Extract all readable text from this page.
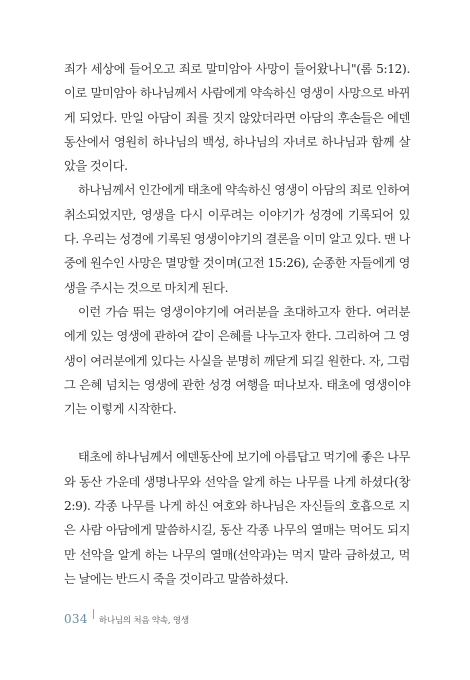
죄가 세상에 들어오고 죄로 말미암아 사망이 들어왔나니"(롬 5:12). 이로 말미암아 하나님께서 사람에게 약속하신 영생이 사망으로 바뀌게 되었다. 만일 아담이 죄를 짓지 않았더라면 아담의 후손들은 에덴동산에서 영원히 하나님의 백성, 하나님의 자녀로 하나님과 함께 살았을 것이다.

하나님께서 인간에게 태초에 약속하신 영생이 아담의 죄로 인하여 취소되었지만, 영생을 다시 이루려는 이야기가 성경에 기록되어 있다. 우리는 성경에 기록된 영생이야기의 결론을 이미 알고 있다. 맨 나중에 원수인 사망은 멸망할 것이며(고전 15:26), 순종한 자들에게 영생을 주시는 것으로 마치게 된다.

이런 가슴 뛰는 영생이야기에 여러분을 초대하고자 한다. 여러분에게 있는 영생에 관하여 같이 은혜를 나누고자 한다. 그리하여 그 영생이 여러분에게 있다는 사실을 분명히 깨닫게 되길 원한다. 자, 그럼 그 은혜 넘치는 영생에 관한 성경 여행을 떠나보자. 태초에 영생이야기는 이렇게 시작한다.

태초에 하나님께서 에덴동산에 보기에 아름답고 먹기에 좋은 나무와 동산 가운데 생명나무와 선악을 알게 하는 나무를 나게 하셨다(창 2:9). 각종 나무를 나게 하신 여호와 하나님은 자신들의 호흡으로 지은 사람 아담에게 말씀하시길, 동산 각종 나무의 열매는 먹어도 되지만 선악을 알게 하는 나무의 열매(선악과)는 먹지 말라 금하셨고, 먹는 날에는 반드시 죽을 것이라고 말씀하셨다.

034 하나님의 처음 약속, 영생
